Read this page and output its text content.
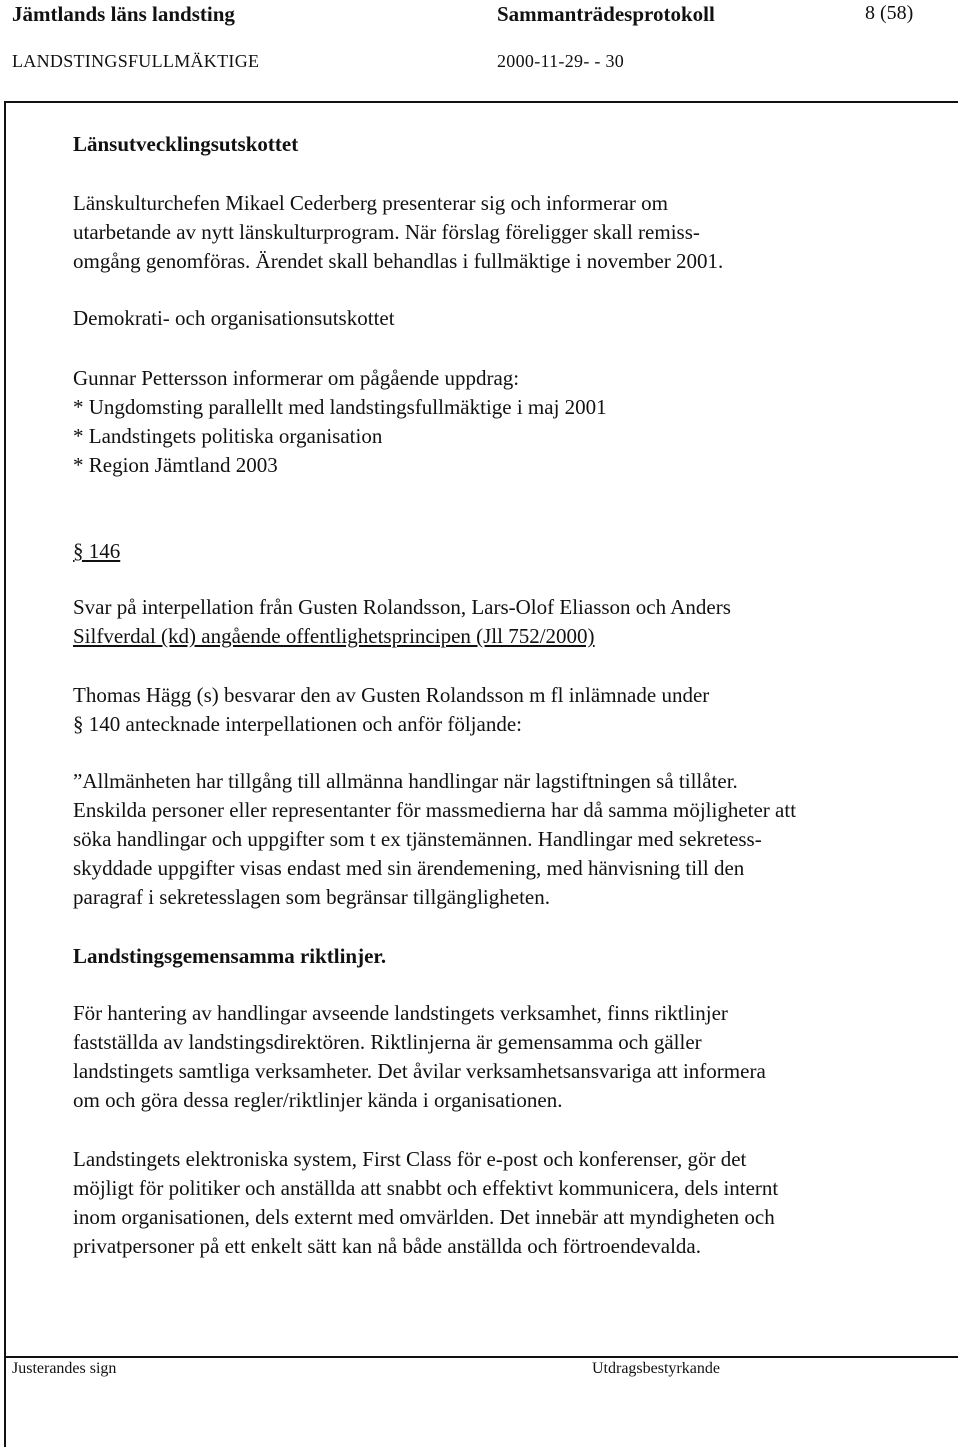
Jämtlands läns landsting	Sammanträdesprotokoll	8 (58)
LANDSTINGSFULLMÄKTIGE	2000-11-29- - 30
Länsutvecklingsutskottet
Länskulturchefen Mikael Cederberg presenterar sig och informerar om
utarbetande av nytt länskulturprogram. När förslag föreligger skall remiss-
omgång genomföras. Ärendet skall behandlas i fullmäktige i november 2001.
Demokrati- och organisationsutskottet
Gunnar Pettersson informerar om pågående uppdrag:
* Ungdomsting parallellt med landstingsfullmäktige i maj 2001
* Landstingets politiska organisation
* Region Jämtland 2003
§ 146
Svar på interpellation från Gusten Rolandsson, Lars-Olof Eliasson och Anders
Silfverdal (kd) angående offentlighetsprincipen (Jll 752/2000)
Thomas Hägg (s) besvarar den av Gusten Rolandsson m fl inlämnade under
§ 140 antecknade interpellationen och anför följande:
”Allmänheten har tillgång till allmänna handlingar när lagstiftningen så tillåter.
Enskilda personer eller representanter för massmedierna har då samma möjligheter att
söka handlingar och uppgifter som t ex tjänstemännen. Handlingar med sekretess-
skyddade uppgifter visas endast med sin ärendemening, med hänvisning till den
paragraf i sekretesslagen som begränsar tillgängligheten.
Landstingsgemensamma riktlinjer.
För hantering av handlingar avseende landstingets verksamhet, finns riktlinjer
fastställda av landstingsdirektören. Riktlinjerna är gemensamma och gäller
landstingets samtliga verksamheter. Det åvilar verksamhetsansvariga att informera
om och göra dessa regler/riktlinjer kända i organisationen.
Landstingets elektroniska system, First Class för e-post och konferenser, gör det
möjligt för politiker och anställda att snabbt och effektivt kommunicera, dels internt
inom organisationen, dels externt med omvärlden. Det innebär att myndigheten och
privatpersoner på ett enkelt sätt kan nå både anställda och förtroendevalda.
Justerandes sign	Utdragsbestyrkande
